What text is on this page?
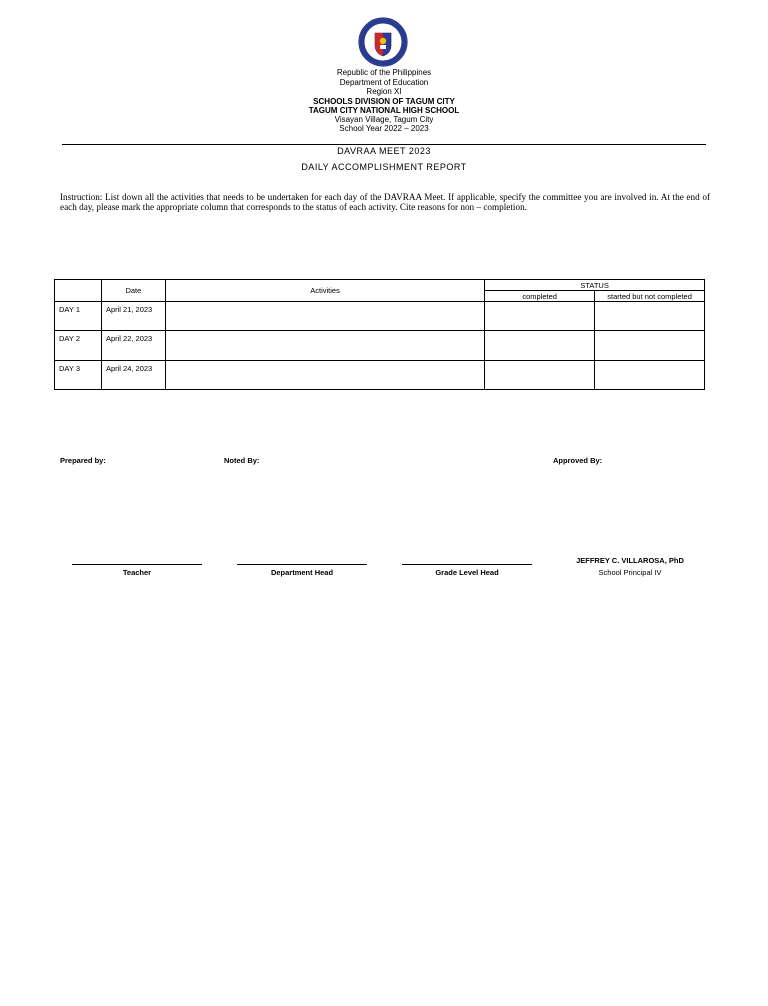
Republic of the Philippines
Department of Education
Region XI
SCHOOLS DIVISION OF TAGUM CITY
TAGUM CITY NATIONAL HIGH SCHOOL
Visayan Village, Tagum City
School Year 2022 – 2023
DAVRAA MEET 2023
DAILY ACCOMPLISHMENT REPORT
Instruction: List down all the activities that needs to be undertaken for each day of the DAVRAA Meet. If applicable, specify the committee you are involved in. At the end of each day, please mark the appropriate column that corresponds to the status of each activity. Cite reasons for non – completion.
	Date	Activities	STATUS	
			completed	started but not completed
DAY 1	April 21, 2023			
DAY 2	April 22, 2023			
DAY 3	April 24, 2023			
Prepared by:	Noted By:	Approved By:
Teacher	Department Head	Grade Level Head
JEFFREY C. VILLAROSA, PhD
School Principal IV
